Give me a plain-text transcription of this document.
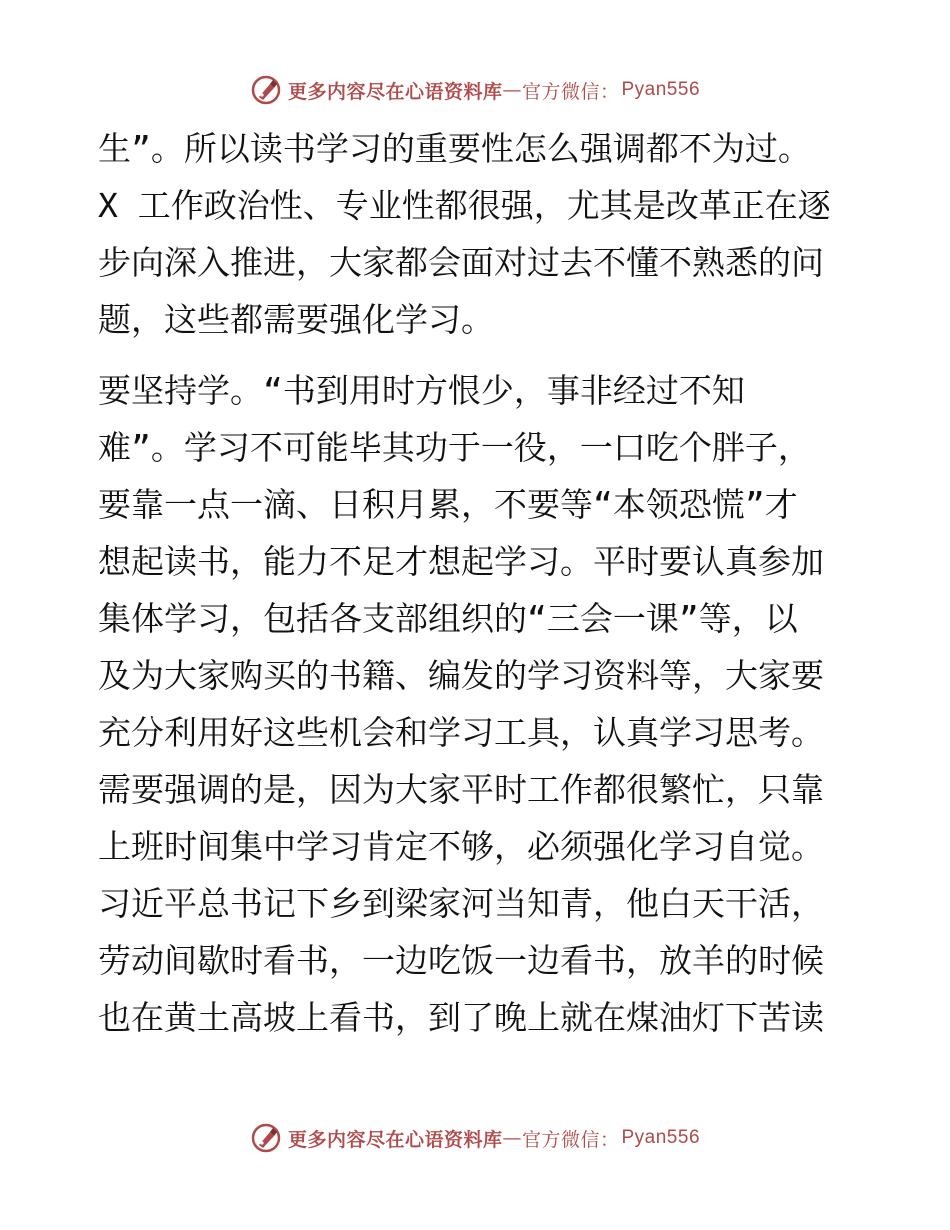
更多内容尽在心语资料库 — 官方微信： Pyan556
生”。所以读书学习的重要性怎么强调都不为过。
X 工作政治性、专业性都很强，尤其是改革正在逐
步向深入推进，大家都会面对过去不懂不熟悉的问
题，这些都需要强化学习。
要坚持学。“书到用时方恨少，事非经过不知
难”。学习不可能毕其功于一役，一口吃个胖子，
要靠一点一滴、日积月累，不要等“本领恐慌”才
想起读书，能力不足才想起学习。平时要认真参加
集体学习，包括各支部组织的“三会一课”等，以
及为大家购买的书籍、编发的学习资料等，大家要
充分利用好这些机会和学习工具，认真学习思考。
需要强调的是，因为大家平时工作都很繁忙，只靠
上班时间集中学习肯定不够，必须强化学习自觉。
习近平总书记下乡到梁家河当知青，他白天干活，
劳动间歇时看书，一边吃饭一边看书，放羊的时候
也在黄土高坡上看书，到了晚上就在煤油灯下苦读
更多内容尽在心语资料库 — 官方微信： Pyan556
